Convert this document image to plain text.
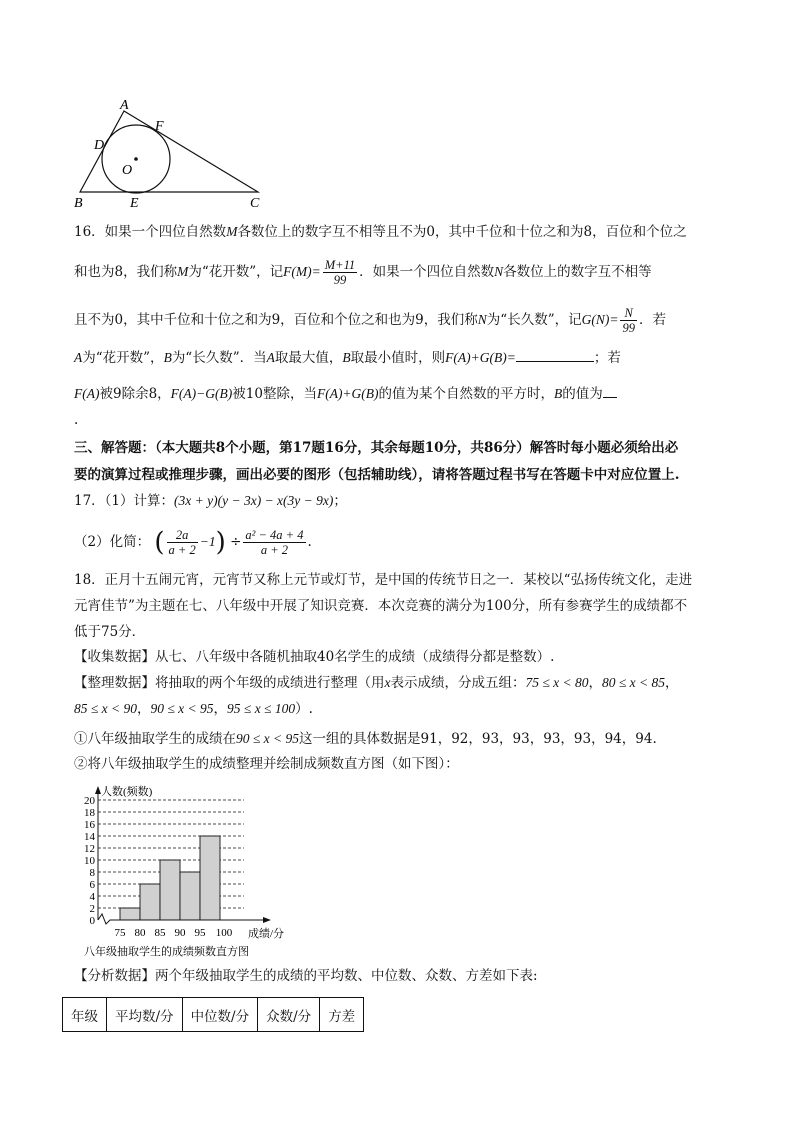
A
F
D
O
B	E	C
16．如果一个四位自然数M各数位上的数字互不相等且不为0，其中千位和十位之和为8，百位和个位之
和也为8，我们称M为“花开数”，记$F(M)= \frac{M+11}{99}$ ．如果一个四位自然数N各数位上的数字互不相等
且不为0，其中千位和十位之和为9，百位和个位之和也为9，我们称N为“长久数”，记$G(N)= \frac{N}{99}$ ．若
A为“花开数”，B为“长久数”．当A取最大值，B取最小值时，则F(A)+G(B)=	；若
F(A)被9除余8，F(A)−G(B)被10整除，当F(A)+G(B)的值为某个自然数的平方时，B的值为
.
三、解答题：（本大题共8个小题，第17题16分，其余每题10分，共86分）解答时每小题必须给出必
要的演算过程或推理步骤，画出必要的图形（包括辅助线），请将答题过程书写在答题卡中对应位置上.
17．（1）计算：(3x + y)(y − 3x) − x(3y − 9x)；
（2）化简： ( $\frac{2a}{a + 2} -1) \div \frac{\text{a² − 4a + 4}}{a + 2}$ .
18．正月十五闹元宵，元宵节又称上元节或灯节，是中国的传统节日之一．某校以“弘扬传统文化，走进
元宵佳节”为主题在七、八年级中开展了知识竞赛．本次竞赛的满分为100分，所有参赛学生的成绩都不
低于75分．
【收集数据】从七、八年级中各随机抽取40名学生的成绩（成绩得分都是整数）.
【整理数据】将抽取的两个年级的成绩进行整理（用x表示成绩，分成五组：75 ≤ x < 80，80 ≤ x < 85，
85 ≤ x < 90，90 ≤ x < 95，95 ≤ x ≤ 100）.
①八年级抽取学生的成绩在90 ≤ x < 95这一组的具体数据是91，92，93，93，93，93，94，94.
②将八年级抽取学生的成绩整理并绘制成频数直方图（如下图）：
0
2
4
6
8
10
12
14
16
18
20
75 80 85 90 95 100
人数(频数)
成绩/分
八年级抽取学生的成绩频数直方图
【分析数据】两个年级抽取学生的成绩的平均数、中位数、众数、方差如下表:
年级	平均数/分	中位数/分	众数/分	方差
